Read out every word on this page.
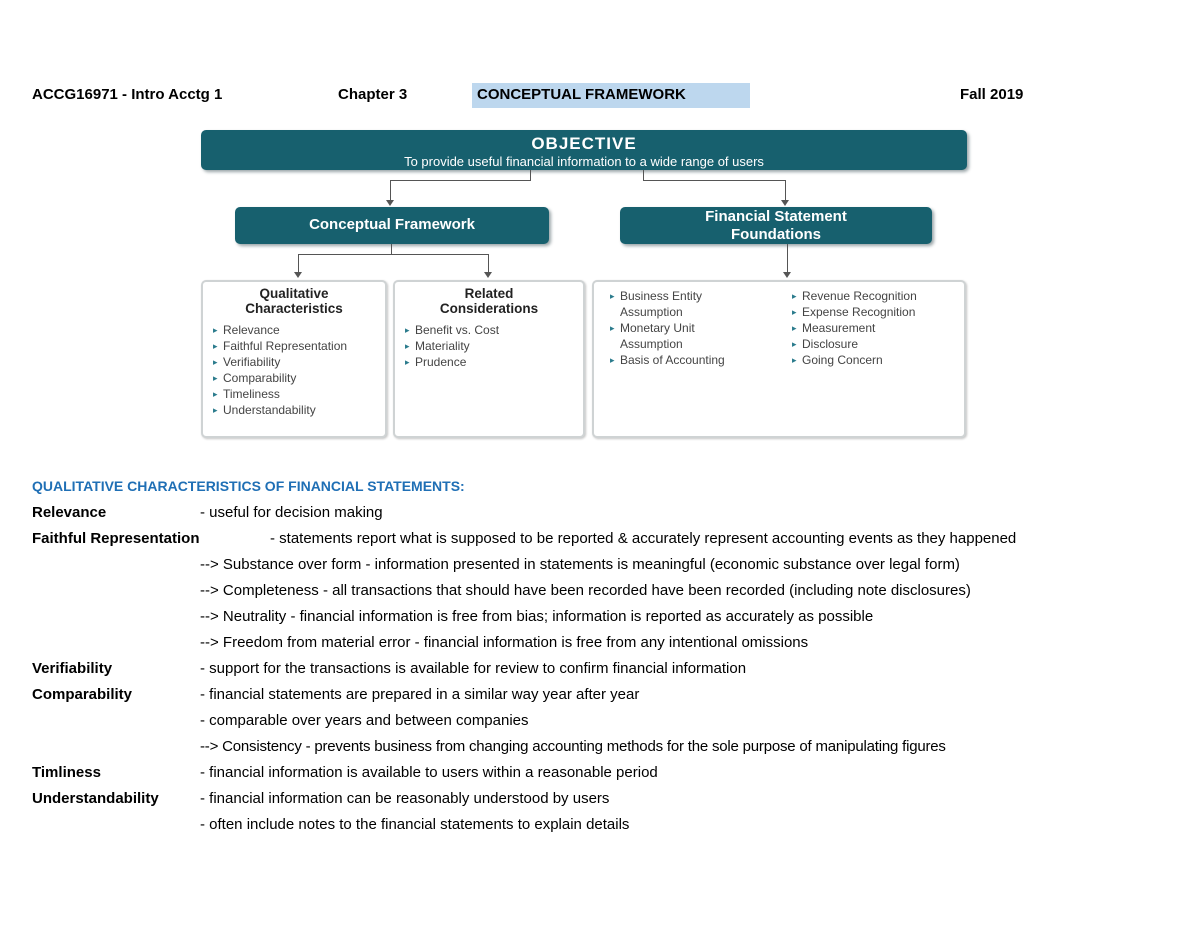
ACCG16971 - Intro Acctg 1	Chapter 3	CONCEPTUAL FRAMEWORK	Fall 2019
OBJECTIVE
To provide useful financial information to a wide range of users
Conceptual Framework	Financial Statement Foundations
Qualitative Characteristics
▸ Relevance
▸ Faithful Representation
▸ Verifiability
▸ Comparability
▸ Timeliness
▸ Understandability
Related Considerations
▸ Benefit vs. Cost
▸ Materiality
▸ Prudence
▸ Business Entity Assumption
▸ Monetary Unit Assumption
▸ Basis of Accounting
▸ Revenue Recognition
▸ Expense Recognition
▸ Measurement
▸ Disclosure
▸ Going Concern
QUALITATIVE CHARACTERISTICS OF FINANCIAL STATEMENTS:
Relevance	- useful for decision making
Faithful Representation	- statements report what is supposed to be reported & accurately represent accounting events as they happened
--> Substance over form - information presented in statements is meaningful (economic substance over legal form)
--> Completeness - all transactions that should have been recorded have been recorded (including note disclosures)
--> Neutrality - financial information is free from bias; information is reported as accurately as possible
--> Freedom from material error - financial information is free from any intentional omissions
Verifiability	- support for the transactions is available for review to confirm financial information
Comparability	- financial statements are prepared in a similar way year after year
- comparable over years and between companies
--> Consistency - prevents business from changing accounting methods for the sole purpose of manipulating figures
Timliness	- financial information is available to users within a reasonable period
Understandability	- financial information can be reasonably understood by users
- often include notes to the financial statements to explain details
